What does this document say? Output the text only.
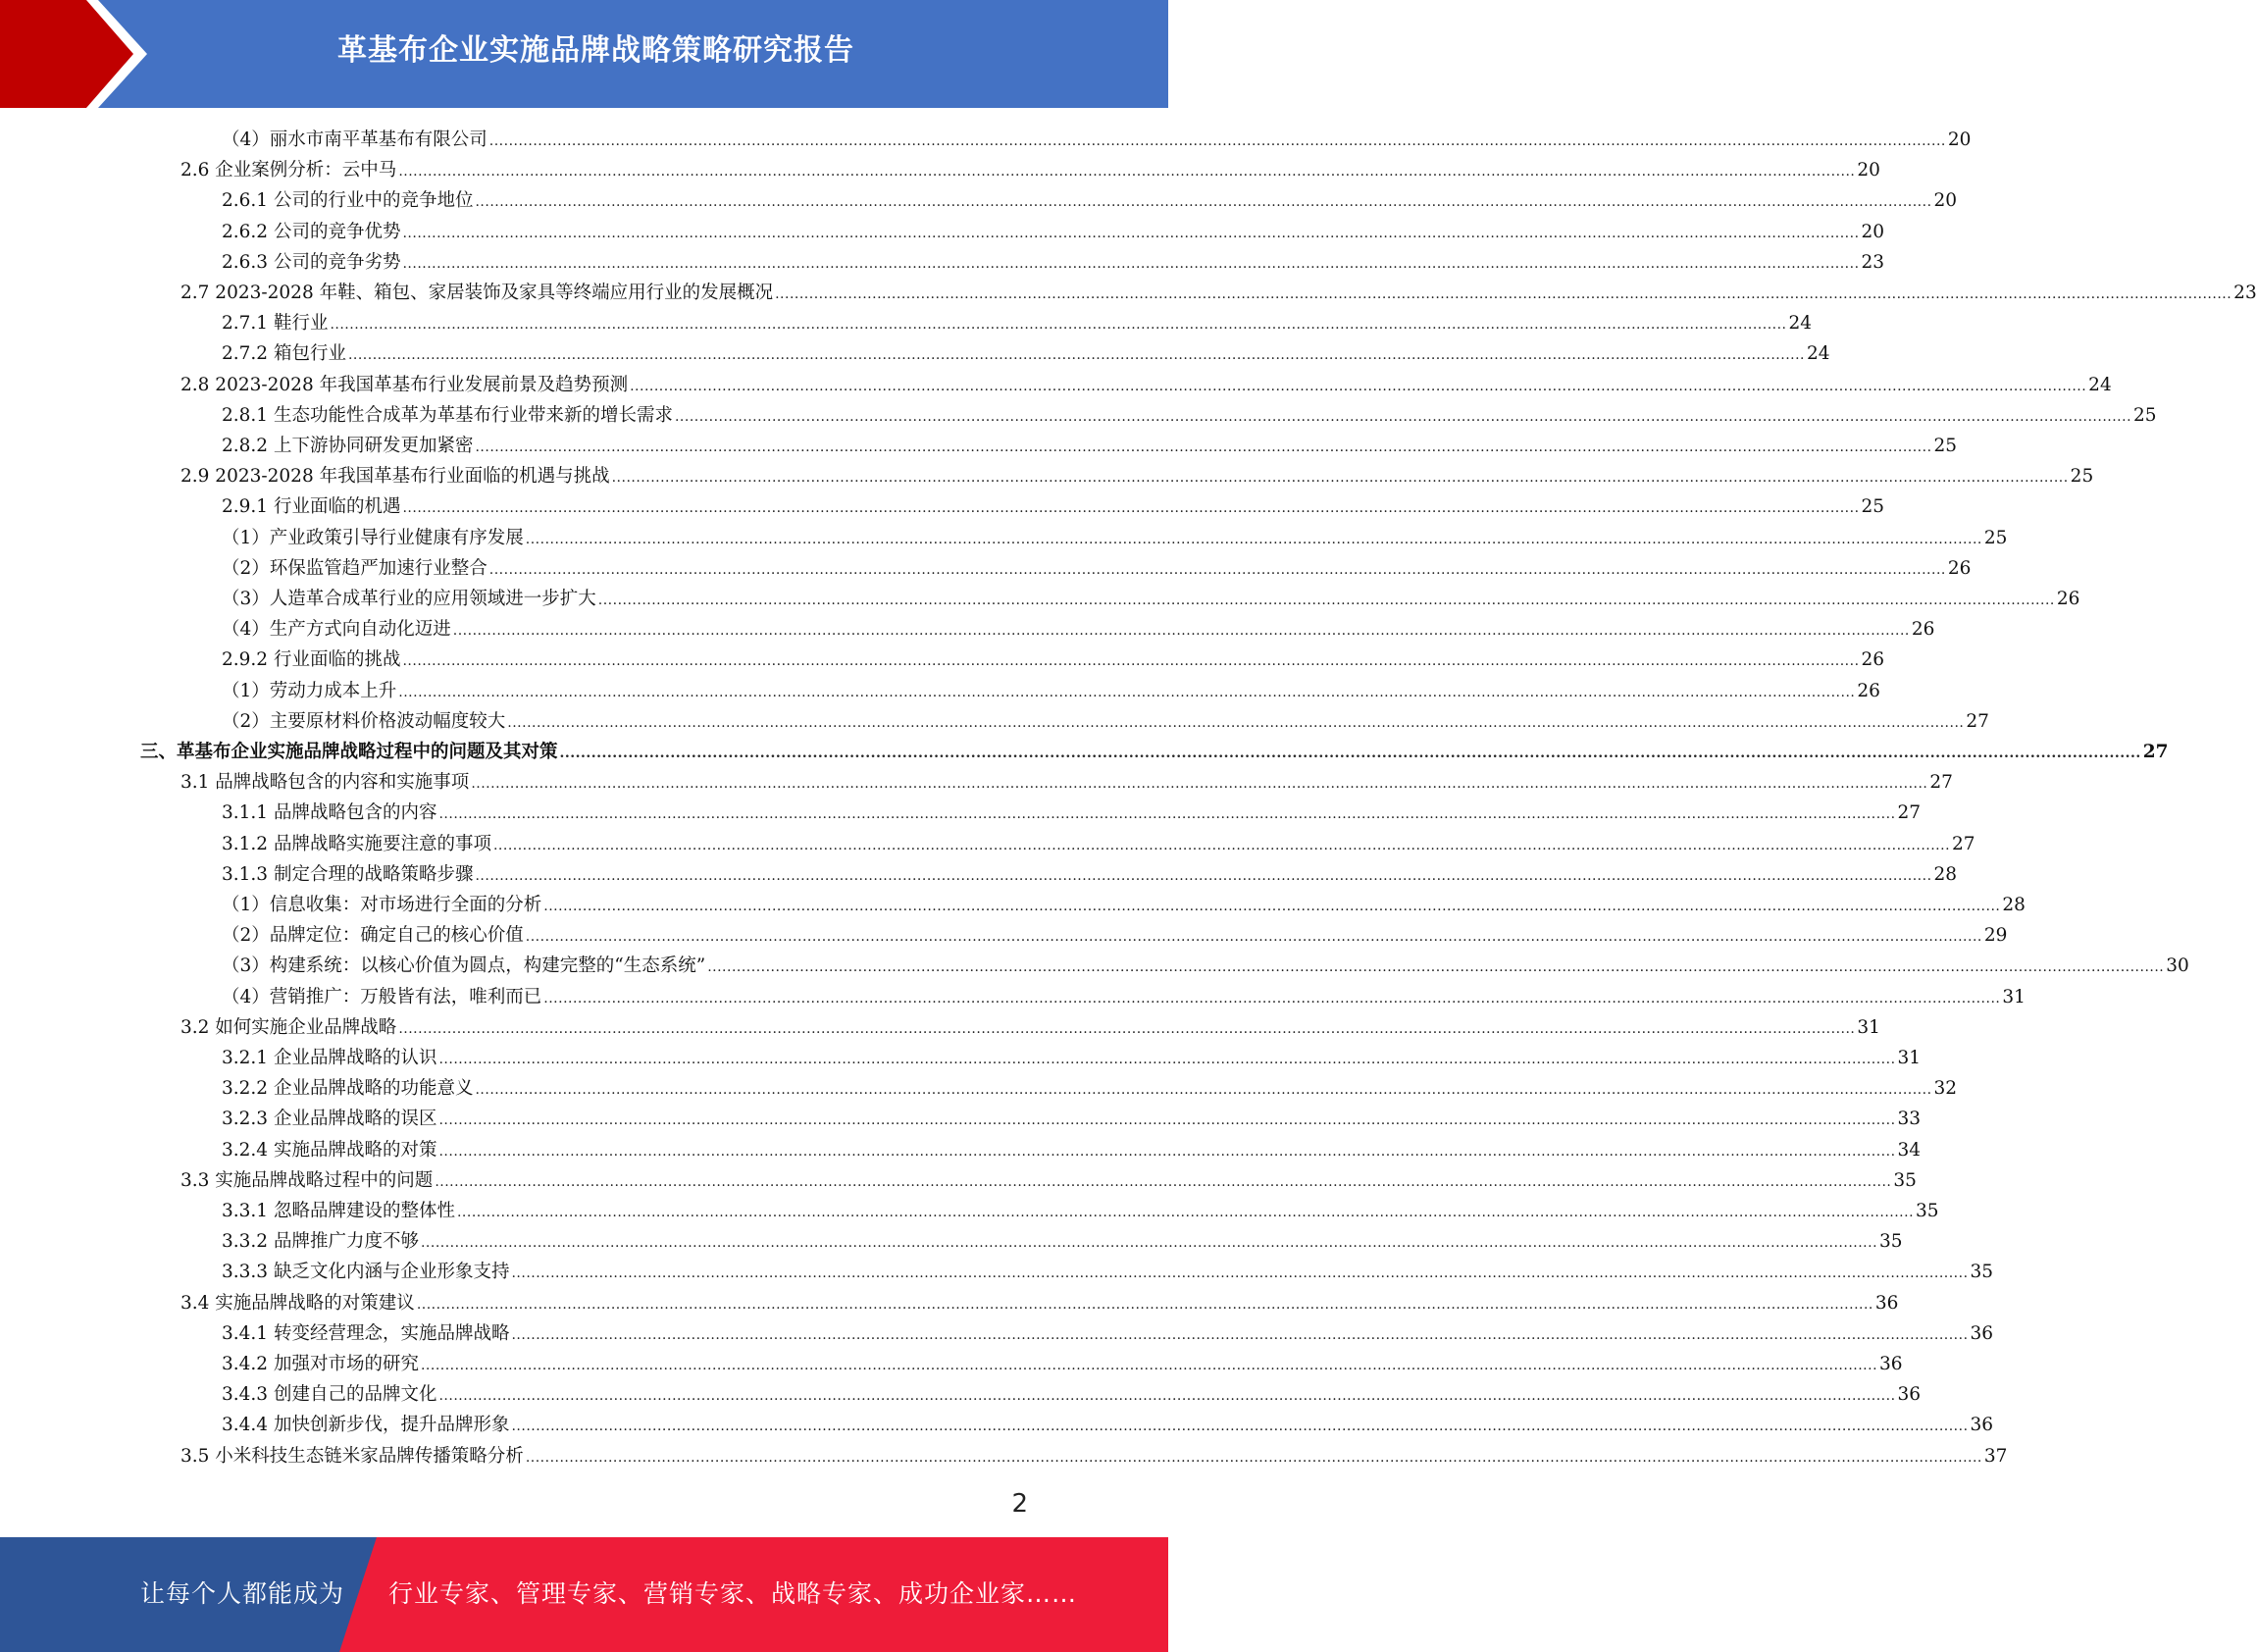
革基布企业实施品牌战略策略研究报告
（4）丽水市南平革基布有限公司 ............................................................................................................................................................................................................................................................................................................ 20
2.6 企业案例分析：云中马 ............................................................................................................................................................................................................................................................................................................ 20
2.6.1 公司的行业中的竞争地位 ............................................................................................................................................................................................................................................................................................................ 20
2.6.2 公司的竞争优势 ............................................................................................................................................................................................................................................................................................................ 20
2.6.3 公司的竞争劣势 ............................................................................................................................................................................................................................................................................................................ 23
2.7 2023-2028 年鞋、箱包、家居装饰及家具等终端应用行业的发展概况 ............................................................................................................................................................................................................................................................................................................ 23
2.7.1 鞋行业 ............................................................................................................................................................................................................................................................................................................ 24
2.7.2 箱包行业 ............................................................................................................................................................................................................................................................................................................ 24
2.8 2023-2028 年我国革基布行业发展前景及趋势预测 ............................................................................................................................................................................................................................................................................................................ 24
2.8.1 生态功能性合成革为革基布行业带来新的增长需求 ............................................................................................................................................................................................................................................................................................................ 25
2.8.2 上下游协同研发更加紧密 ............................................................................................................................................................................................................................................................................................................ 25
2.9 2023-2028 年我国革基布行业面临的机遇与挑战 ............................................................................................................................................................................................................................................................................................................ 25
2.9.1 行业面临的机遇 ............................................................................................................................................................................................................................................................................................................ 25
（1）产业政策引导行业健康有序发展 ............................................................................................................................................................................................................................................................................................................ 25
（2）环保监管趋严加速行业整合 ............................................................................................................................................................................................................................................................................................................ 26
（3）人造革合成革行业的应用领域进一步扩大 ............................................................................................................................................................................................................................................................................................................ 26
（4）生产方式向自动化迈进 ............................................................................................................................................................................................................................................................................................................ 26
2.9.2 行业面临的挑战 ............................................................................................................................................................................................................................................................................................................ 26
（1）劳动力成本上升 ............................................................................................................................................................................................................................................................................................................ 26
（2）主要原材料价格波动幅度较大 ............................................................................................................................................................................................................................................................................................................ 27
三、革基布企业实施品牌战略过程中的问题及其对策 ............................................................................................................................................................................................................................................................................................................ 27
3.1 品牌战略包含的内容和实施事项 ............................................................................................................................................................................................................................................................................................................ 27
3.1.1 品牌战略包含的内容 ............................................................................................................................................................................................................................................................................................................ 27
3.1.2 品牌战略实施要注意的事项 ............................................................................................................................................................................................................................................................................................................ 27
3.1.3 制定合理的战略策略步骤 ............................................................................................................................................................................................................................................................................................................ 28
（1）信息收集：对市场进行全面的分析 ............................................................................................................................................................................................................................................................................................................ 28
（2）品牌定位：确定自己的核心价值 ............................................................................................................................................................................................................................................................................................................ 29
（3）构建系统：以核心价值为圆点，构建完整的“生态系统” ............................................................................................................................................................................................................................................................................................................ 30
（4）营销推广：万般皆有法，唯利而已 ............................................................................................................................................................................................................................................................................................................ 31
3.2 如何实施企业品牌战略 ............................................................................................................................................................................................................................................................................................................ 31
3.2.1 企业品牌战略的认识 ............................................................................................................................................................................................................................................................................................................ 31
3.2.2 企业品牌战略的功能意义 ............................................................................................................................................................................................................................................................................................................ 32
3.2.3 企业品牌战略的误区 ............................................................................................................................................................................................................................................................................................................ 33
3.2.4 实施品牌战略的对策 ............................................................................................................................................................................................................................................................................................................ 34
3.3 实施品牌战略过程中的问题 ............................................................................................................................................................................................................................................................................................................ 35
3.3.1 忽略品牌建设的整体性 ............................................................................................................................................................................................................................................................................................................ 35
3.3.2 品牌推广力度不够 ............................................................................................................................................................................................................................................................................................................ 35
3.3.3 缺乏文化内涵与企业形象支持 ............................................................................................................................................................................................................................................................................................................ 35
3.4 实施品牌战略的对策建议 ............................................................................................................................................................................................................................................................................................................ 36
3.4.1 转变经营理念，实施品牌战略 ............................................................................................................................................................................................................................................................................................................ 36
3.4.2 加强对市场的研究 ............................................................................................................................................................................................................................................................................................................ 36
3.4.3 创建自己的品牌文化 ............................................................................................................................................................................................................................................................................................................ 36
3.4.4 加快创新步伐，提升品牌形象 ............................................................................................................................................................................................................................................................................................................ 36
3.5 小米科技生态链米家品牌传播策略分析 ............................................................................................................................................................................................................................................................................................................ 37
2
让每个人都能成为 行业专家、管理专家、营销专家、战略专家、成功企业家……
